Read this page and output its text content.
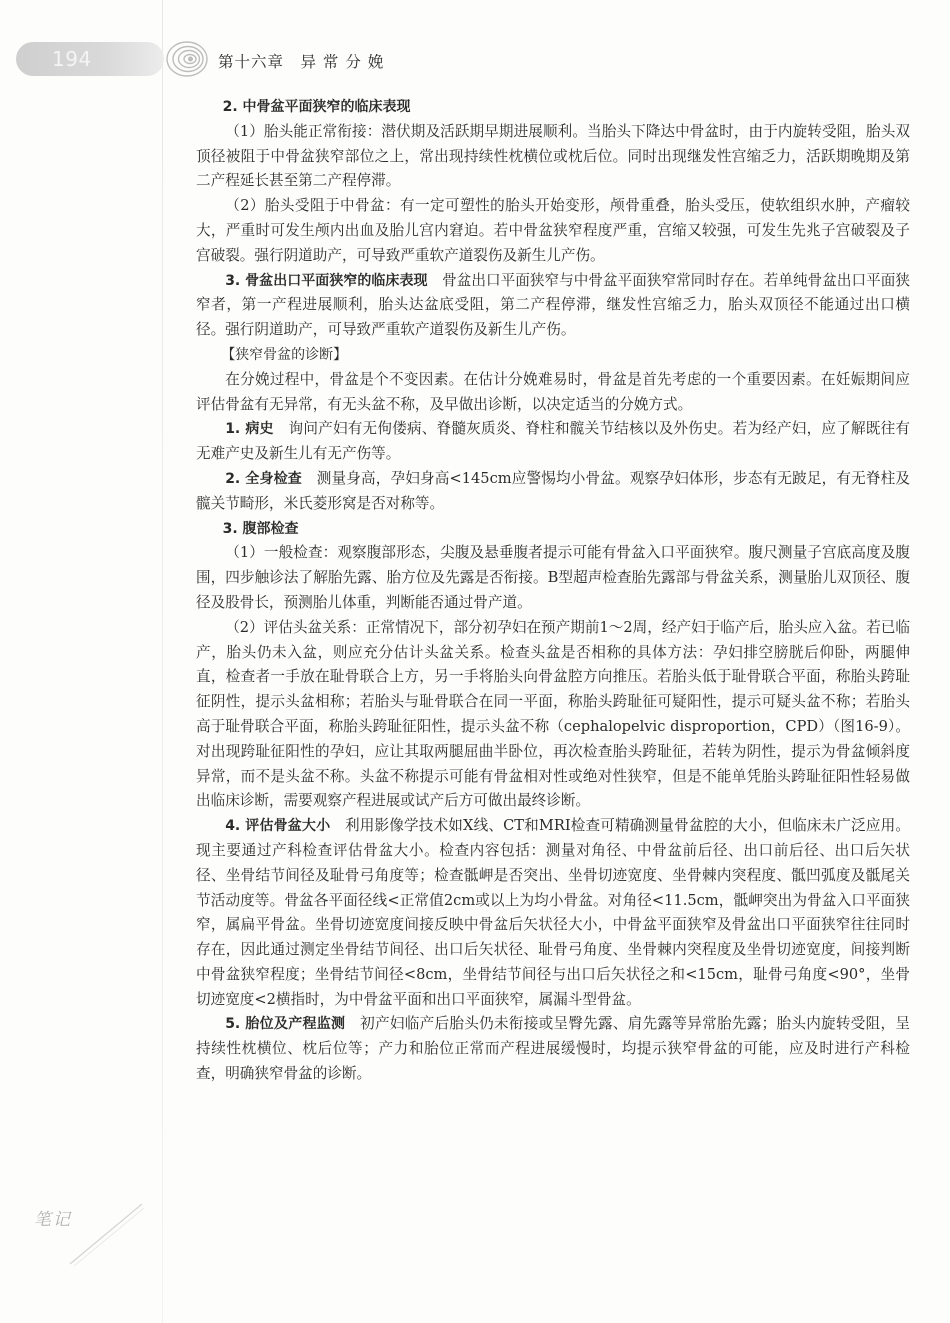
194	第十六章　异 常 分 娩

2. 中骨盆平面狭窄的临床表现

（1）胎头能正常衔接：潜伏期及活跃期早期进展顺利。当胎头下降达中骨盆时，由于内旋转受阻，胎头双顶径被阻于中骨盆狭窄部位之上，常出现持续性枕横位或枕后位。同时出现继发性宫缩乏力，活跃期晚期及第二产程延长甚至第二产程停滞。

（2）胎头受阻于中骨盆：有一定可塑性的胎头开始变形，颅骨重叠，胎头受压，使软组织水肿，产瘤较大，严重时可发生颅内出血及胎儿宫内窘迫。若中骨盆狭窄程度严重，宫缩又较强，可发生先兆子宫破裂及子宫破裂。强行阴道助产，可导致严重软产道裂伤及新生儿产伤。

3. 骨盆出口平面狭窄的临床表现　骨盆出口平面狭窄与中骨盆平面狭窄常同时存在。若单纯骨盆出口平面狭窄者，第一产程进展顺利，胎头达盆底受阻，第二产程停滞，继发性宫缩乏力，胎头双顶径不能通过出口横径。强行阴道助产，可导致严重软产道裂伤及新生儿产伤。

【狭窄骨盆的诊断】

在分娩过程中，骨盆是个不变因素。在估计分娩难易时，骨盆是首先考虑的一个重要因素。在妊娠期间应评估骨盆有无异常，有无头盆不称，及早做出诊断，以决定适当的分娩方式。

1. 病史　询问产妇有无佝偻病、脊髓灰质炎、脊柱和髋关节结核以及外伤史。若为经产妇，应了解既往有无难产史及新生儿有无产伤等。

2. 全身检查　测量身高，孕妇身高<145cm应警惕均小骨盆。观察孕妇体形，步态有无跛足，有无脊柱及髋关节畸形，米氏菱形窝是否对称等。

3. 腹部检查

（1）一般检查：观察腹部形态，尖腹及悬垂腹者提示可能有骨盆入口平面狭窄。腹尺测量子宫底高度及腹围，四步触诊法了解胎先露、胎方位及先露是否衔接。B型超声检查胎先露部与骨盆关系，测量胎儿双顶径、腹径及股骨长，预测胎儿体重，判断能否通过骨产道。

（2）评估头盆关系：正常情况下，部分初孕妇在预产期前1～2周，经产妇于临产后，胎头应入盆。若已临产，胎头仍未入盆，则应充分估计头盆关系。检查头盆是否相称的具体方法：孕妇排空膀胱后仰卧，两腿伸直，检查者一手放在耻骨联合上方，另一手将胎头向骨盆腔方向推压。若胎头低于耻骨联合平面，称胎头跨耻征阴性，提示头盆相称；若胎头与耻骨联合在同一平面，称胎头跨耻征可疑阳性，提示可疑头盆不称；若胎头高于耻骨联合平面，称胎头跨耻征阳性，提示头盆不称（cephalopelvic disproportion，CPD）（图16-9）。对出现跨耻征阳性的孕妇，应让其取两腿屈曲半卧位，再次检查胎头跨耻征，若转为阴性，提示为骨盆倾斜度异常，而不是头盆不称。头盆不称提示可能有骨盆相对性或绝对性狭窄，但是不能单凭胎头跨耻征阳性轻易做出临床诊断，需要观察产程进展或试产后方可做出最终诊断。

4. 评估骨盆大小　利用影像学技术如X线、CT和MRI检查可精确测量骨盆腔的大小，但临床未广泛应用。现主要通过产科检查评估骨盆大小。检查内容包括：测量对角径、中骨盆前后径、出口前后径、出口后矢状径、坐骨结节间径及耻骨弓角度等；检查骶岬是否突出、坐骨切迹宽度、坐骨棘内突程度、骶凹弧度及骶尾关节活动度等。骨盆各平面径线<正常值2cm或以上为均小骨盆。对角径<11.5cm，骶岬突出为骨盆入口平面狭窄，属扁平骨盆。坐骨切迹宽度间接反映中骨盆后矢状径大小，中骨盆平面狭窄及骨盆出口平面狭窄往往同时存在，因此通过测定坐骨结节间径、出口后矢状径、耻骨弓角度、坐骨棘内突程度及坐骨切迹宽度，间接判断中骨盆狭窄程度；坐骨结节间径<8cm，坐骨结节间径与出口后矢状径之和<15cm，耻骨弓角度<90°，坐骨切迹宽度<2横指时，为中骨盆平面和出口平面狭窄，属漏斗型骨盆。

5. 胎位及产程监测　初产妇临产后胎头仍未衔接或呈臀先露、肩先露等异常胎先露；胎头内旋转受阻，呈持续性枕横位、枕后位等；产力和胎位正常而产程进展缓慢时，均提示狭窄骨盆的可能，应及时进行产科检查，明确狭窄骨盆的诊断。

笔记
